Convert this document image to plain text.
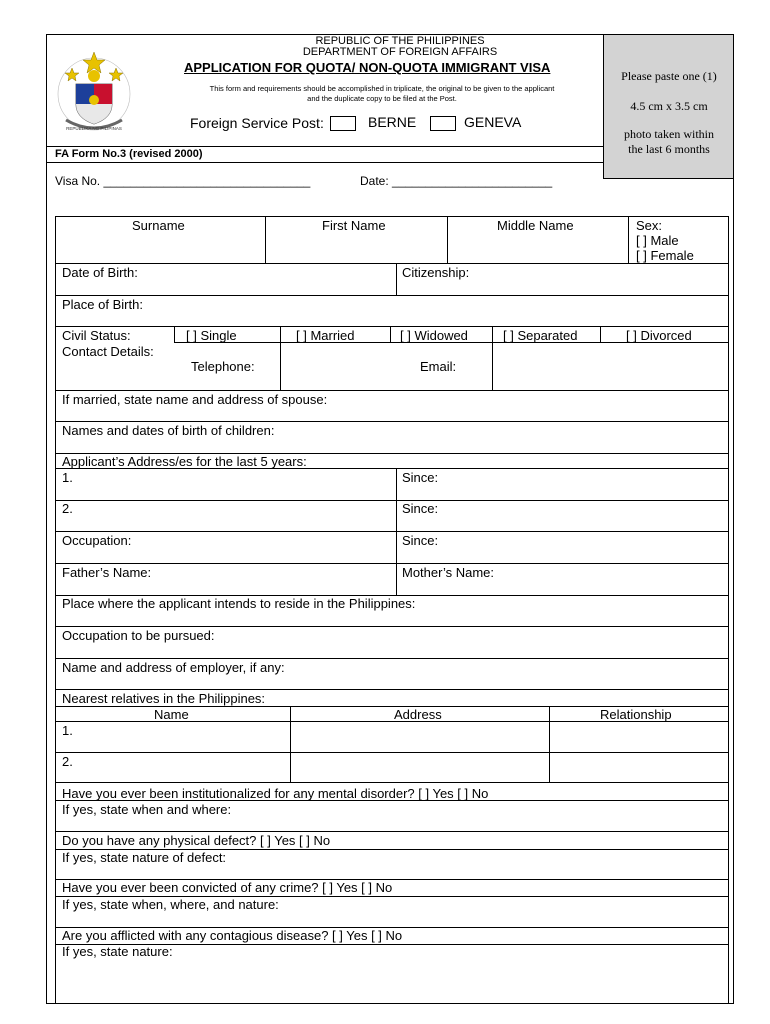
REPUBLIKA NG PILIPINAS
REPUBLIC OF THE PHILIPPINES
DEPARTMENT OF FOREIGN AFFAIRS
APPLICATION FOR QUOTA/ NON-QUOTA IMMIGRANT VISA
This form and requirements should be accomplished in triplicate, the original to be given to the applicant
and the duplicate copy to be filed at the Post.
Foreign Service Post:	BERNE	GENEVA
FA Form No.3 (revised 2000)
Please paste one (1)
4.5 cm x 3.5 cm
photo taken within
the last 6 months
Visa No. _______________________________	Date: ________________________
Surname	First Name	Middle Name	Sex:
[ ] Male
[ ] Female
Date of Birth:	Citizenship:
Place of Birth:
Civil Status:	[ ] Single	[ ] Married	[ ] Widowed	[ ] Separated	[ ] Divorced
Contact Details:
Telephone:	Email:
If married, state name and address of spouse:
Names and dates of birth of children:
Applicant’s Address/es for the last 5 years:
1.	Since:
2.	Since:
Occupation:	Since:
Father’s Name:	Mother’s Name:
Place where the applicant intends to reside in the Philippines:
Occupation to be pursued:
Name and address of employer, if any:
Nearest relatives in the Philippines:
Name	Address	Relationship
1.
2.
Have you ever been institutionalized for any mental disorder? [ ] Yes [ ] No
If yes, state when and where:
Do you have any physical defect? [ ] Yes [ ] No
If yes, state nature of defect:
Have you ever been convicted of any crime? [ ] Yes [ ] No
If yes, state when, where, and nature:
Are you afflicted with any contagious disease? [ ] Yes [ ] No
If yes, state nature:
